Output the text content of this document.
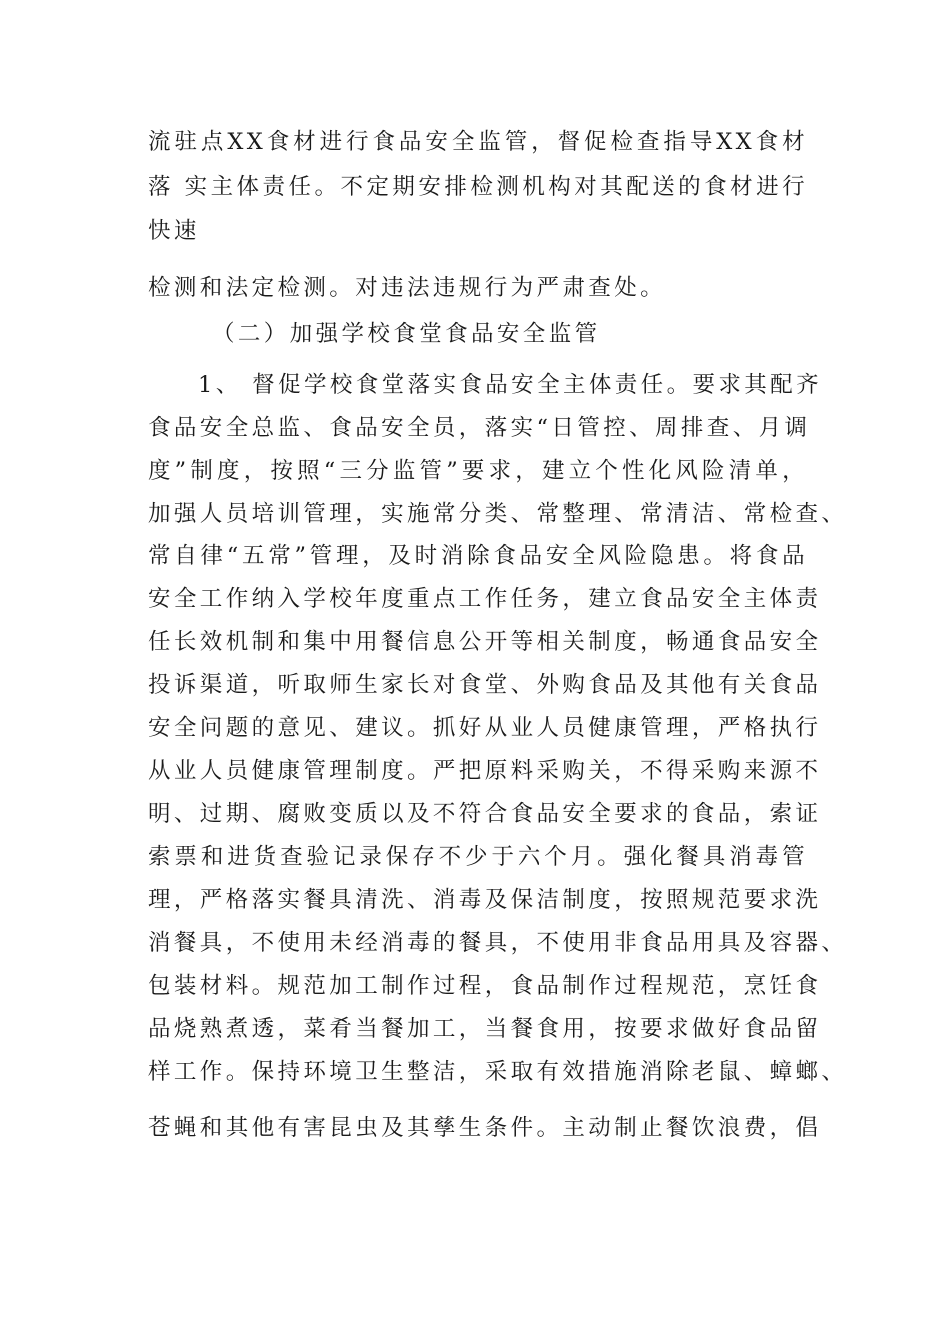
流驻点XX食材进行食品安全监管，督促检查指导XX食材
落 实主体责任。不定期安排检测机构对其配送的食材进行
快速
检测和法定检测。对违法违规行为严肃查处。
（二）加强学校食堂食品安全监管
1、 督促学校食堂落实食品安全主体责任。要求其配齐
食品安全总监、食品安全员，落实“日管控、周排查、月调
度”制度，按照“三分监管”要求，建立个性化风险清单，
加强人员培训管理，实施常分类、常整理、常清洁、常检查、
常自律“五常”管理，及时消除食品安全风险隐患。将食品
安全工作纳入学校年度重点工作任务，建立食品安全主体责
任长效机制和集中用餐信息公开等相关制度，畅通食品安全
投诉渠道，听取师生家长对食堂、外购食品及其他有关食品
安全问题的意见、建议。抓好从业人员健康管理，严格执行
从业人员健康管理制度。严把原料采购关，不得采购来源不
明、过期、腐败变质以及不符合食品安全要求的食品，索证
索票和进货查验记录保存不少于六个月。强化餐具消毒管
理，严格落实餐具清洗、消毒及保洁制度，按照规范要求洗
消餐具，不使用未经消毒的餐具，不使用非食品用具及容器、
包装材料。规范加工制作过程，食品制作过程规范，烹饪食
品烧熟煮透，菜肴当餐加工，当餐食用，按要求做好食品留
样工作。保持环境卫生整洁，采取有效措施消除老鼠、蟑螂、
苍蝇和其他有害昆虫及其孳生条件。主动制止餐饮浪费，倡
